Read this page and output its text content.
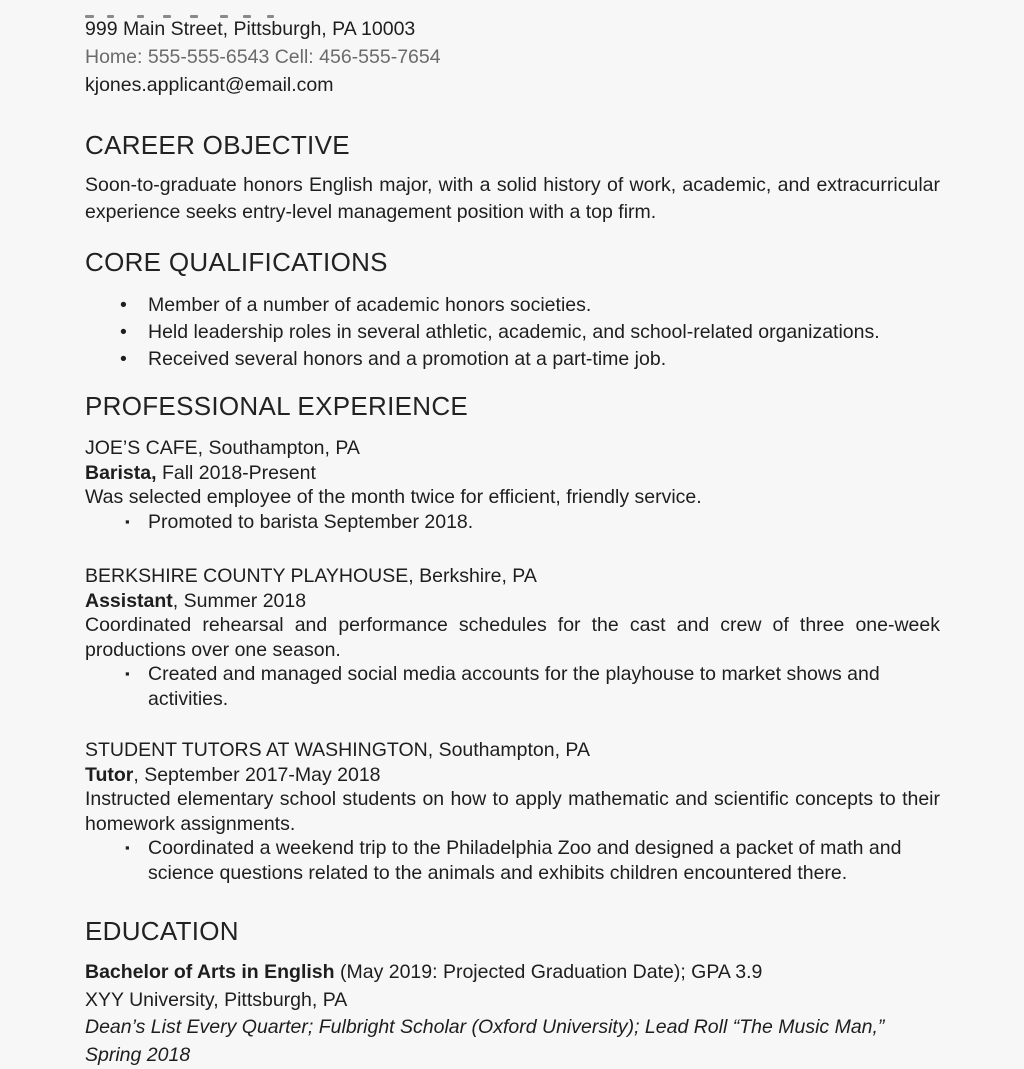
999 Main Street, Pittsburgh, PA 10003
Home: 555-555-6543 Cell: 456-555-7654
kjones.applicant@email.com
CAREER OBJECTIVE

Soon-to-graduate honors English major, with a solid history of work, academic, and extracurricular experience seeks entry-level management position with a top firm.

CORE QUALIFICATIONS
•	Member of a number of academic honors societies.
•	Held leadership roles in several athletic, academic, and school-related organizations.
•	Received several honors and a promotion at a part-time job.
PROFESSIONAL EXPERIENCE
JOE’S CAFE, Southampton, PA
Barista, Fall 2018-Present

Was selected employee of the month twice for efficient, friendly service.

▪ Promoted to barista September 2018.
BERKSHIRE COUNTY PLAYHOUSE, Berkshire, PA
Assistant, Summer 2018

Coordinated rehearsal and performance schedules for the cast and crew of three one-week productions over one season.

▪ Created and managed social media accounts for the playhouse to market shows and activities.
STUDENT TUTORS AT WASHINGTON, Southampton, PA
Tutor, September 2017-May 2018

Instructed elementary school students on how to apply mathematic and scientific concepts to their homework assignments.

▪ Coordinated a weekend trip to the Philadelphia Zoo and designed a packet of math and science questions related to the animals and exhibits children encountered there.
EDUCATION
Bachelor of Arts in English (May 2019: Projected Graduation Date); GPA 3.9
XYY University, Pittsburgh, PA
Dean’s List Every Quarter; Fulbright Scholar (Oxford University); Lead Roll “The Music Man,” Spring 2018
